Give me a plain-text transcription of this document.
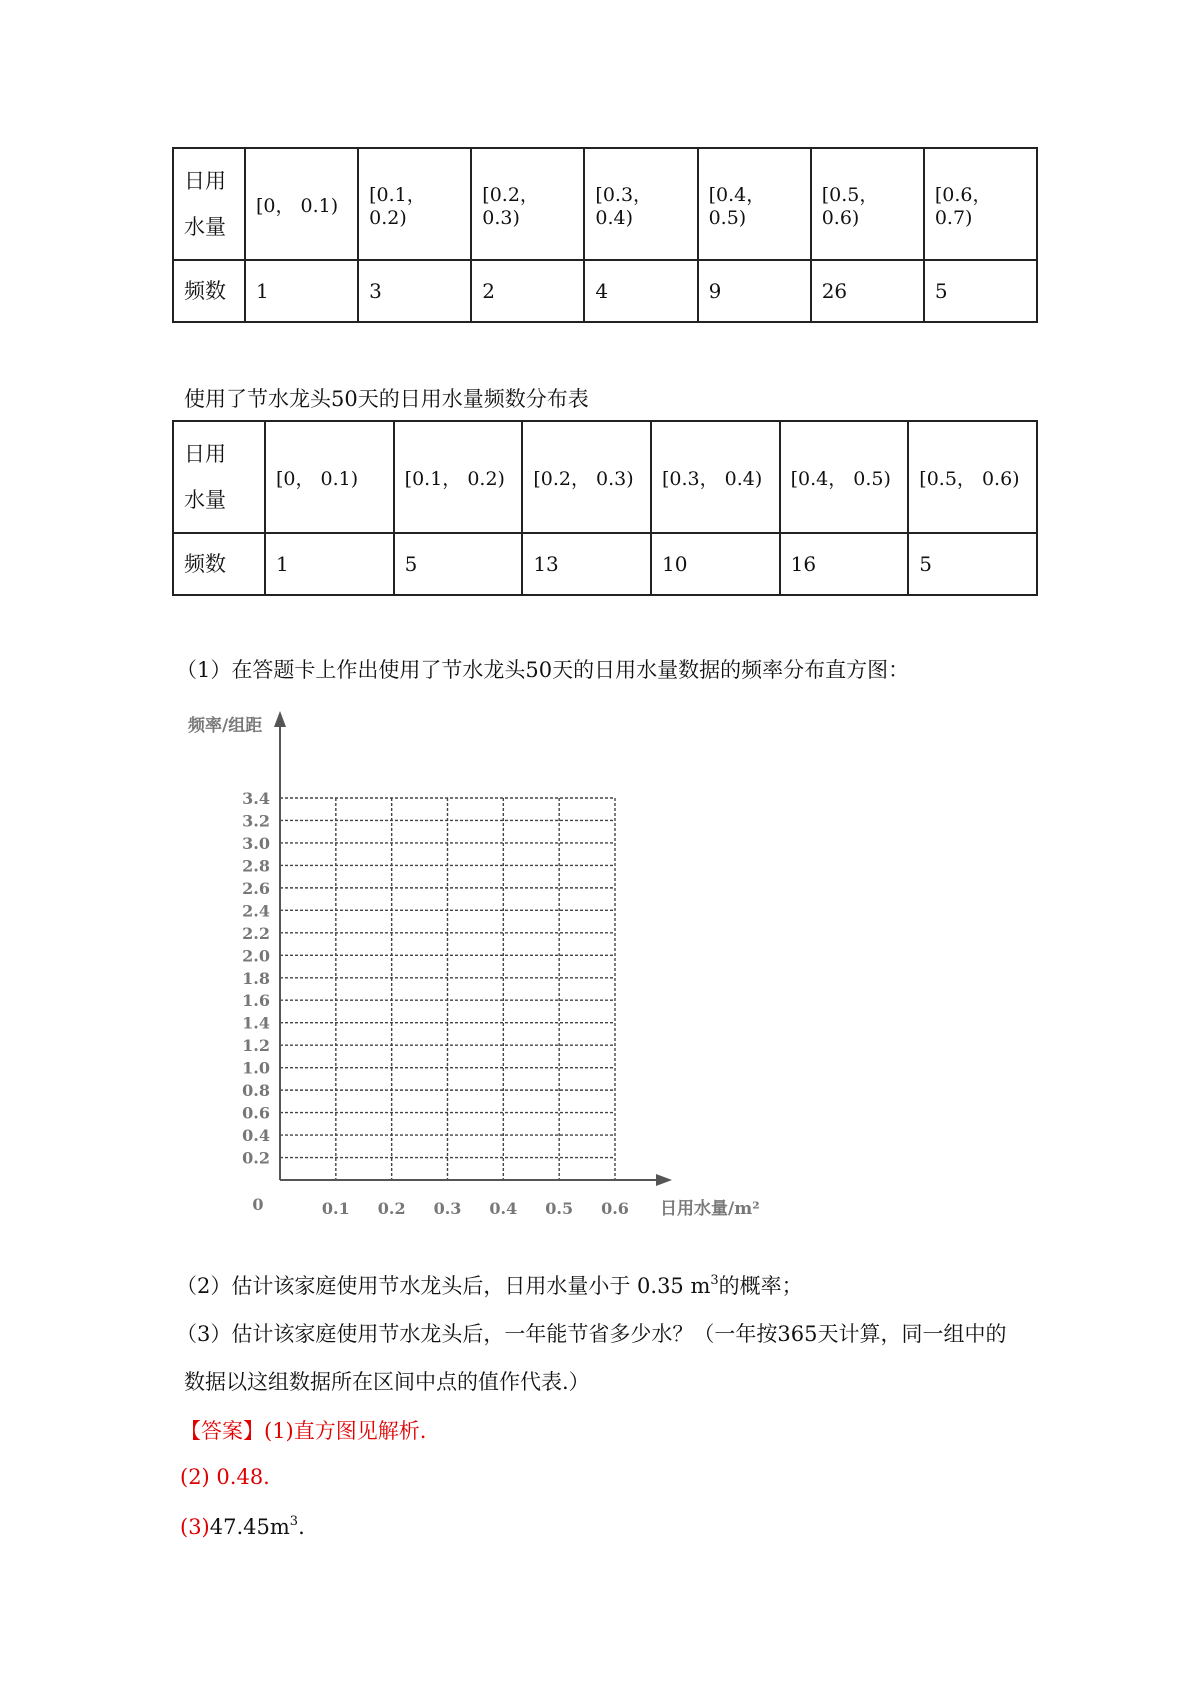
日用
水量	[0， 0.1)	[0.1， 0.2)	[0.2， 0.3)	[0.3， 0.4)	[0.4， 0.5)	[0.5， 0.6)	[0.6， 0.7)
频数	1	3	2	4	9	26	5
使用了节水龙头50天的日用水量频数分布表
日用
水量	[0， 0.1)	[0.1， 0.2)	[0.2， 0.3)	[0.3， 0.4)	[0.4， 0.5)	[0.5， 0.6)
频数	1	5	13	10	16	5
（1）在答题卡上作出使用了节水龙头50天的日用水量数据的频率分布直方图：
0.2
0.4
0.6
0.8
1.0
1.2
1.4
1.6
1.8
2.0
2.2
2.4
2.6
2.8
3.0
3.2
3.4
0.1 0.2 0.3 0.4 0.5 0.6
0
频率/组距
日用水量/m²
（2）估计该家庭使用节水龙头后，日用水量小于 0.35 $m^3$的概率；
（3）估计该家庭使用节水龙头后，一年能节省多少水？（一年按365天计算，同一组中的
数据以这组数据所在区间中点的值作代表.）
【答案】(1)直方图见解析.
(2) 0.48.
$(3)47.45m^3$.
